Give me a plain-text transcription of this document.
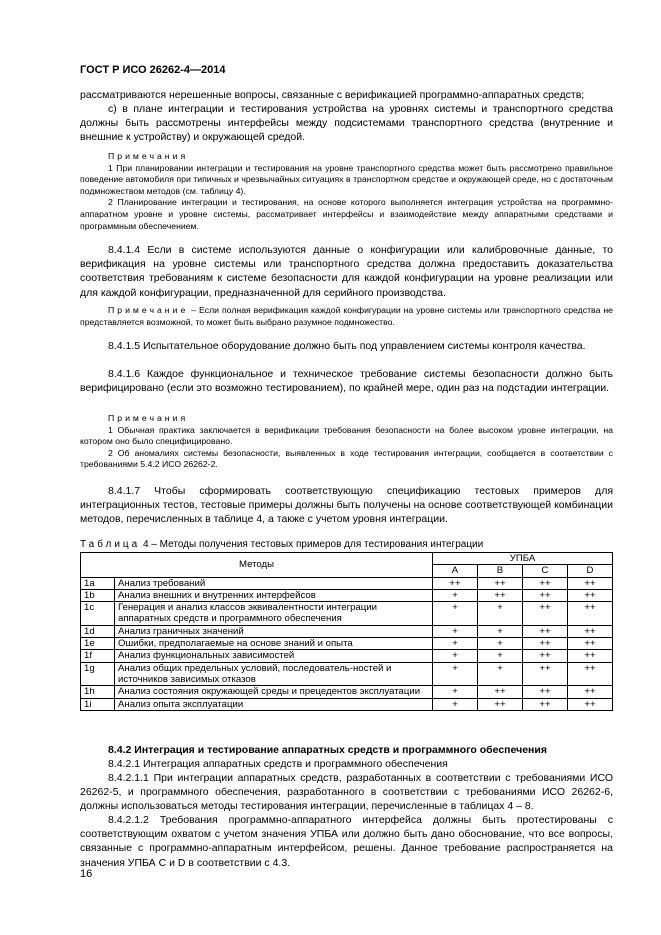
ГОСТ Р ИСО 26262-4—2014
рассматриваются нерешенные вопросы, связанные с верификацией программно-аппаратных средств;
c) в плане интеграции и тестирования устройства на уровнях системы и транспортного средства должны быть рассмотрены интерфейсы между подсистемами транспортного средства (внутренние и внешние к устройству) и окружающей средой.

Примечания

1 При планировании интеграции и тестирования на уровне транспортного средства может быть рассмотрено правильное поведение автомобиля при типичных и чрезвычайных ситуациях в транспортном средстве и окружающей среде, но с достаточным подмножеством методов (см. таблицу 4).

2 Планирование интеграции и тестирования, на основе которого выполняется интеграция устройства на программно-аппаратном уровне и уровне системы, рассматривает интерфейсы и взаимодействие между аппаратными средствами и программным обеспечением.

8.4.1.4 Если в системе используются данные о конфигурации или калибровочные данные, то верификация на уровне системы или транспортного средства должна предоставить доказательства соответствия требованиям к системе безопасности для каждой конфигурации на уровне реализации или для каждой конфигурации, предназначенной для серийного производства.

Примечание – Если полная верификация каждой конфигурации на уровне системы или транспортного средства не представляется возможной, то может быть выбрано разумное подмножество.

8.4.1.5 Испытательное оборудование должно быть под управлением системы контроля качества.
8.4.1.6 Каждое функциональное и техническое требование системы безопасности должно быть верифицировано (если это возможно тестированием), по крайней мере, один раз на подстадии интеграции.

Примечания

1 Обычная практика заключается в верификации требования безопасности на более высоком уровне интеграции, на котором оно было специфицировано.

2 Об аномалиях системы безопасности, выявленных в ходе тестирования интеграции, сообщается в соответствии с требованиями 5.4.2 ИСО 26262-2.

8.4.1.7 Чтобы сформировать соответствующую спецификацию тестовых примеров для интеграционных тестов, тестовые примеры должны быть получены на основе соответствующей комбинации методов, перечисленных в таблице 4, а также с учетом уровня интеграции.
Таблица 4 – Методы получения тестовых примеров для тестирования интеграции
Методы		УПБА			
		A	B	C	D
1a	Анализ требований	++	++	++	++
1b	Анализ внешних и внутренних интерфейсов	+	++	++	++
1c	Генерация и анализ классов эквивалентности интеграции аппаратных средств и программного обеспечения	+	+	++	++
1d	Анализ граничных значений	+	+	++	++
1e	Ошибки, предполагаемые на основе знаний и опыта	+	+	++	++
1f	Анализ функциональных зависимостей	+	+	++	++
1g	Анализ общих предельных условий, последователь-ностей и источников зависимых отказов	+	+	++	++
1h	Анализ состояния окружающей среды и прецедентов эксплуатации	+	++	++	++
1i	Анализ опыта эксплуатации	+	++	++	++
8.4.2 Интеграция и тестирование аппаратных средств и программного обеспечения
8.4.2.1 Интеграция аппаратных средств и программного обеспечения
8.4.2.1.1 При интеграции аппаратных средств, разработанных в соответствии с требованиями ИСО 26262-5, и программного обеспечения, разработанного в соответствии с требованиями ИСО 26262-6, должны использоваться методы тестирования интеграции, перечисленные в таблицах 4 – 8.
8.4.2.1.2 Требования программно-аппаратного интерфейса должны быть протестированы с соответствующим охватом с учетом значения УПБА или должно быть дано обоснование, что все вопросы, связанные с программно-аппаратным интерфейсом, решены. Данное требование распространяется на значения УПБА C и D в соответствии с 4.3.
16
